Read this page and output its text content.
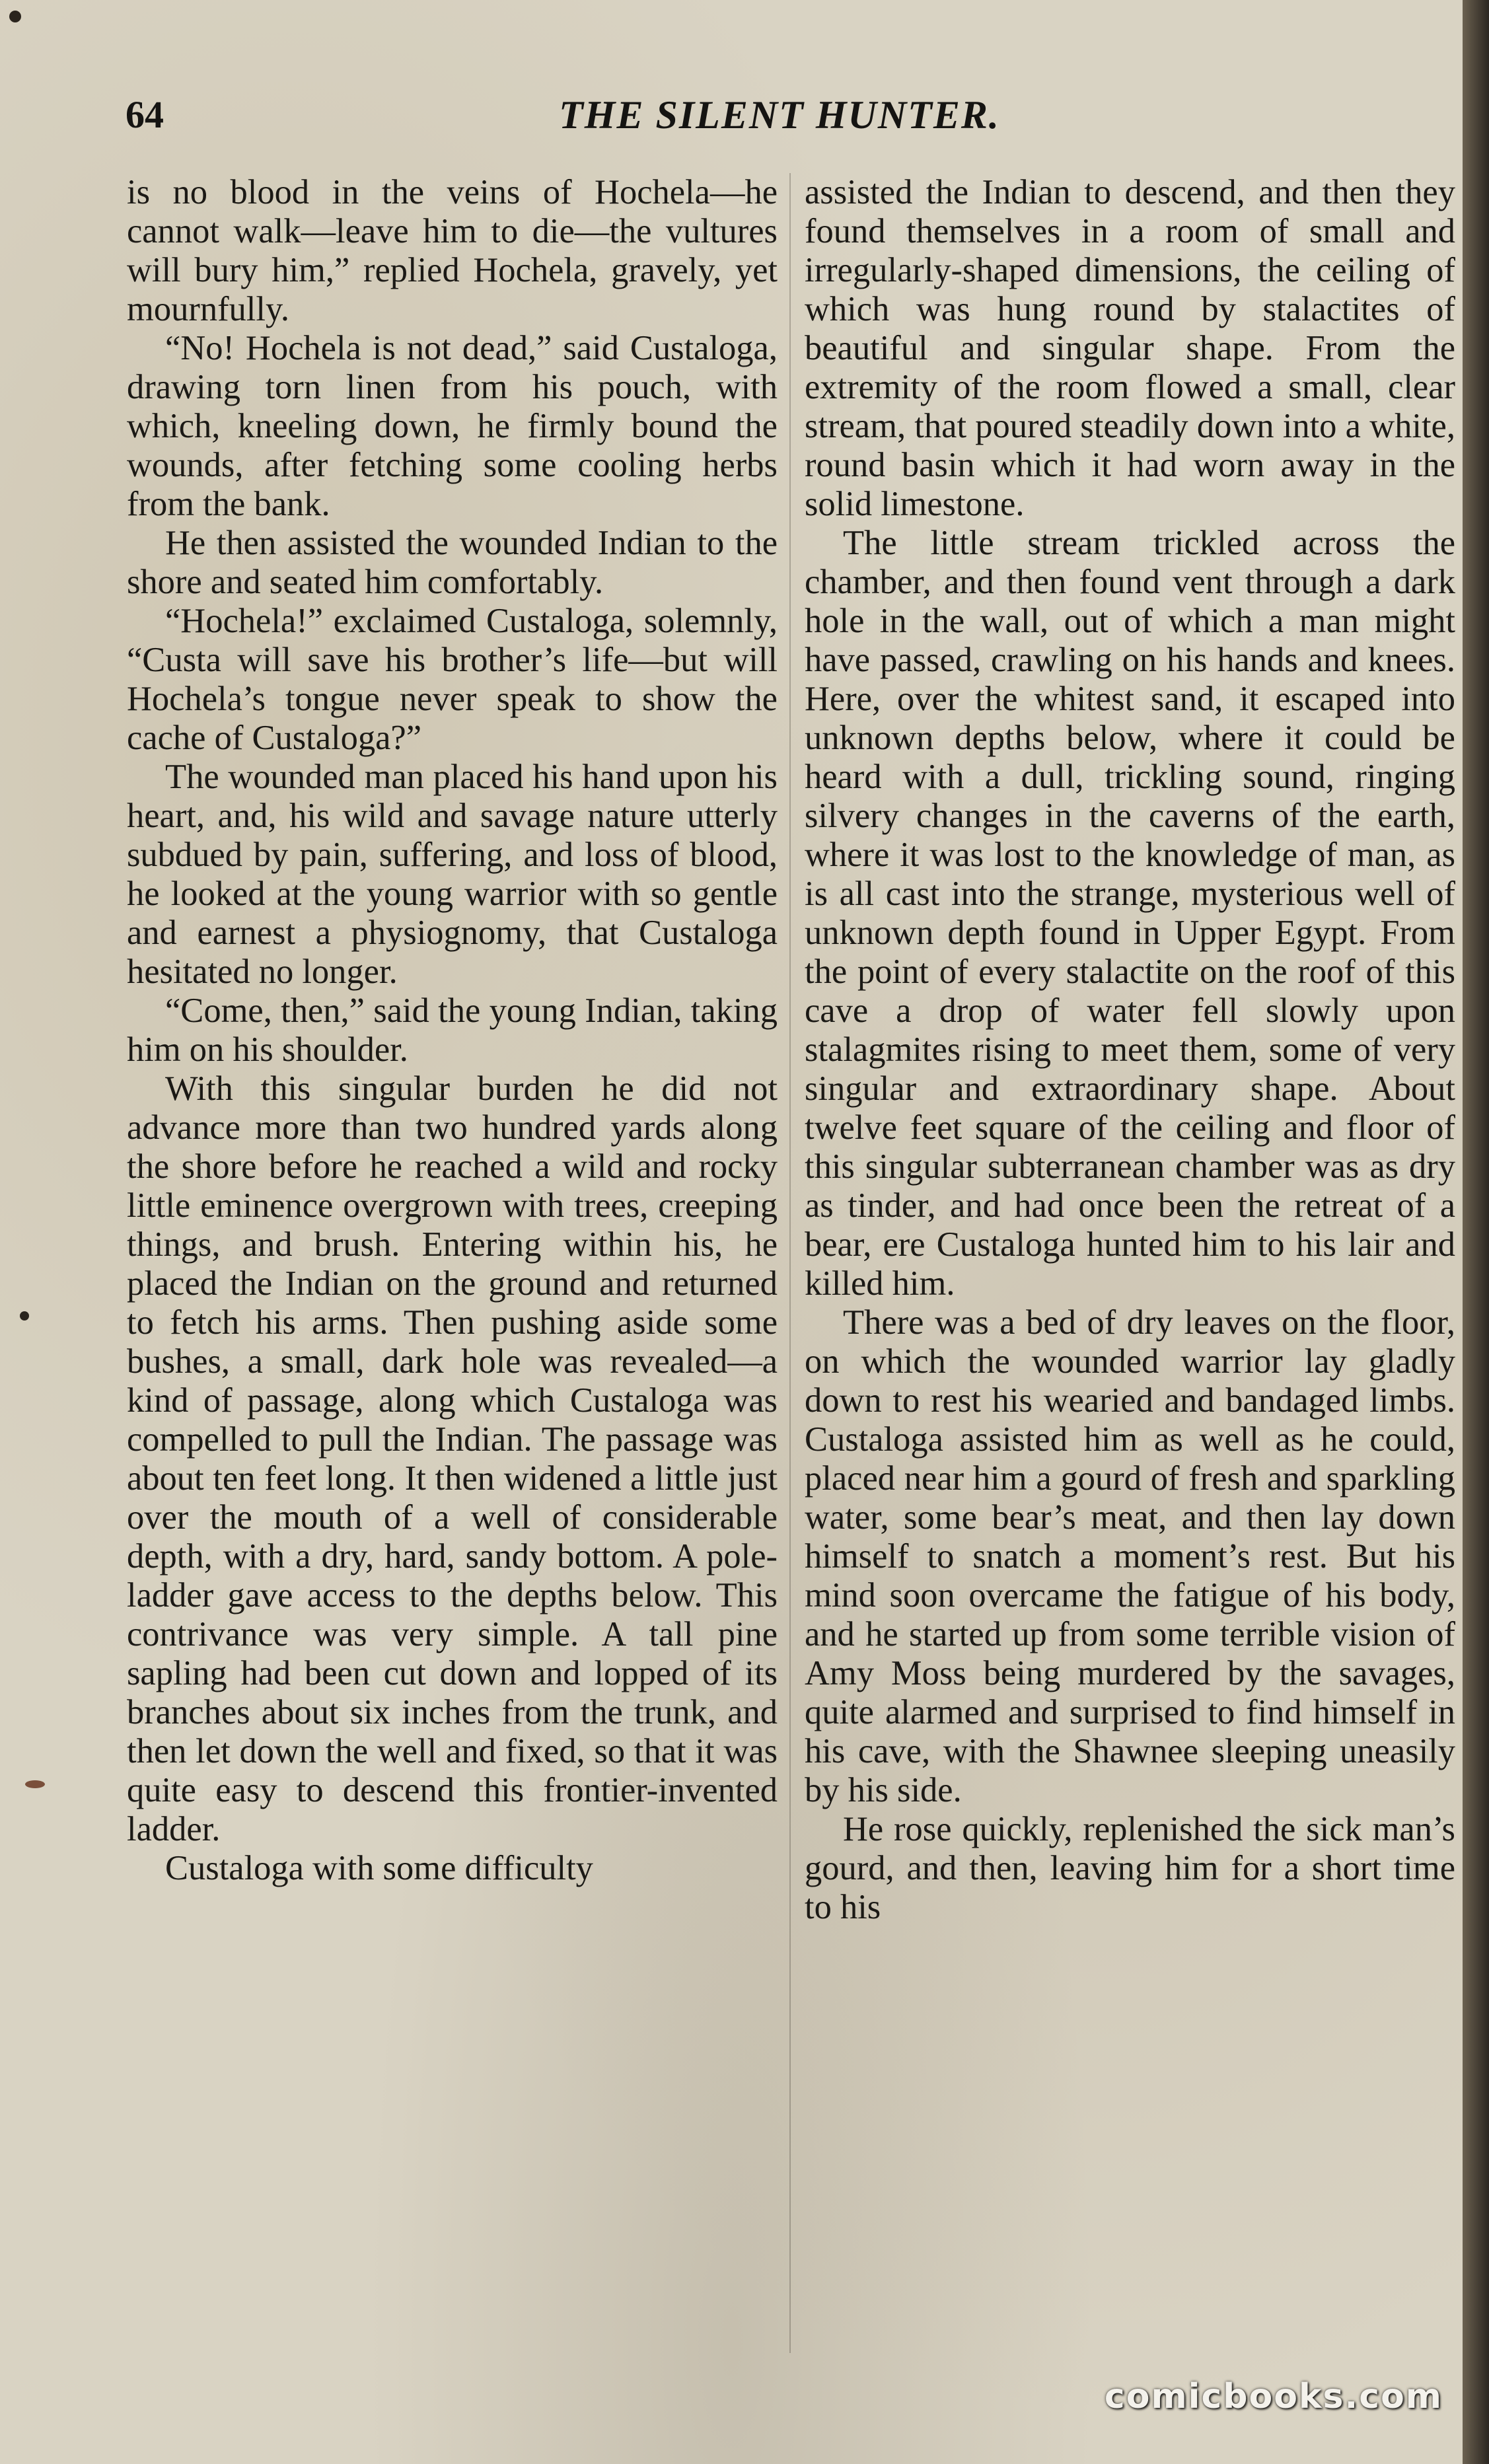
64	THE SILENT HUNTER.

is no blood in the veins of Hochela—he cannot walk—leave him to die—the vultures will bury him,” replied Hochela, gravely, yet mournfully.

“No! Hochela is not dead,” said Custaloga, drawing torn linen from his pouch, with which, kneeling down, he firmly bound the wounds, after fetching some cooling herbs from the bank.

He then assisted the wounded Indian to the shore and seated him comfortably.

“Hochela!” exclaimed Custaloga, solemnly, “Custa will save his brother’s life—but will Hochela’s tongue never speak to show the cache of Custaloga?”

The wounded man placed his hand upon his heart, and, his wild and savage nature utterly subdued by pain, suffering, and loss of blood, he looked at the young warrior with so gentle and earnest a physiognomy, that Custaloga hesitated no longer.

“Come, then,” said the young Indian, taking him on his shoulder.

With this singular burden he did not advance more than two hundred yards along the shore before he reached a wild and rocky little eminence overgrown with trees, creeping things, and brush. Entering within his, he placed the Indian on the ground and returned to fetch his arms. Then pushing aside some bushes, a small, dark hole was revealed—a kind of passage, along which Custaloga was compelled to pull the Indian. The passage was about ten feet long. It then widened a little just over the mouth of a well of considerable depth, with a dry, hard, sandy bottom. A pole-ladder gave access to the depths below. This contrivance was very simple. A tall pine sapling had been cut down and lopped of its branches about six inches from the trunk, and then let down the well and fixed, so that it was quite easy to descend this frontier-invented ladder.

Custaloga with some difficulty

assisted the Indian to descend, and then they found themselves in a room of small and irregularly-shaped dimensions, the ceiling of which was hung round by stalactites of beautiful and singular shape. From the extremity of the room flowed a small, clear stream, that poured steadily down into a white, round basin which it had worn away in the solid limestone.

The little stream trickled across the chamber, and then found vent through a dark hole in the wall, out of which a man might have passed, crawling on his hands and knees. Here, over the whitest sand, it escaped into unknown depths below, where it could be heard with a dull, trickling sound, ringing silvery changes in the caverns of the earth, where it was lost to the knowledge of man, as is all cast into the strange, mysterious well of unknown depth found in Upper Egypt. From the point of every stalactite on the roof of this cave a drop of water fell slowly upon stalagmites rising to meet them, some of very singular and extraordinary shape. About twelve feet square of the ceiling and floor of this singular subterranean chamber was as dry as tinder, and had once been the retreat of a bear, ere Custaloga hunted him to his lair and killed him.

There was a bed of dry leaves on the floor, on which the wounded warrior lay gladly down to rest his wearied and bandaged limbs. Custaloga assisted him as well as he could, placed near him a gourd of fresh and sparkling water, some bear’s meat, and then lay down himself to snatch a moment’s rest. But his mind soon overcame the fatigue of his body, and he started up from some terrible vision of Amy Moss being murdered by the savages, quite alarmed and surprised to find himself in his cave, with the Shawnee sleeping uneasily by his side.

He rose quickly, replenished the sick man’s gourd, and then, leaving him for a short time to his

comicbooks.com
